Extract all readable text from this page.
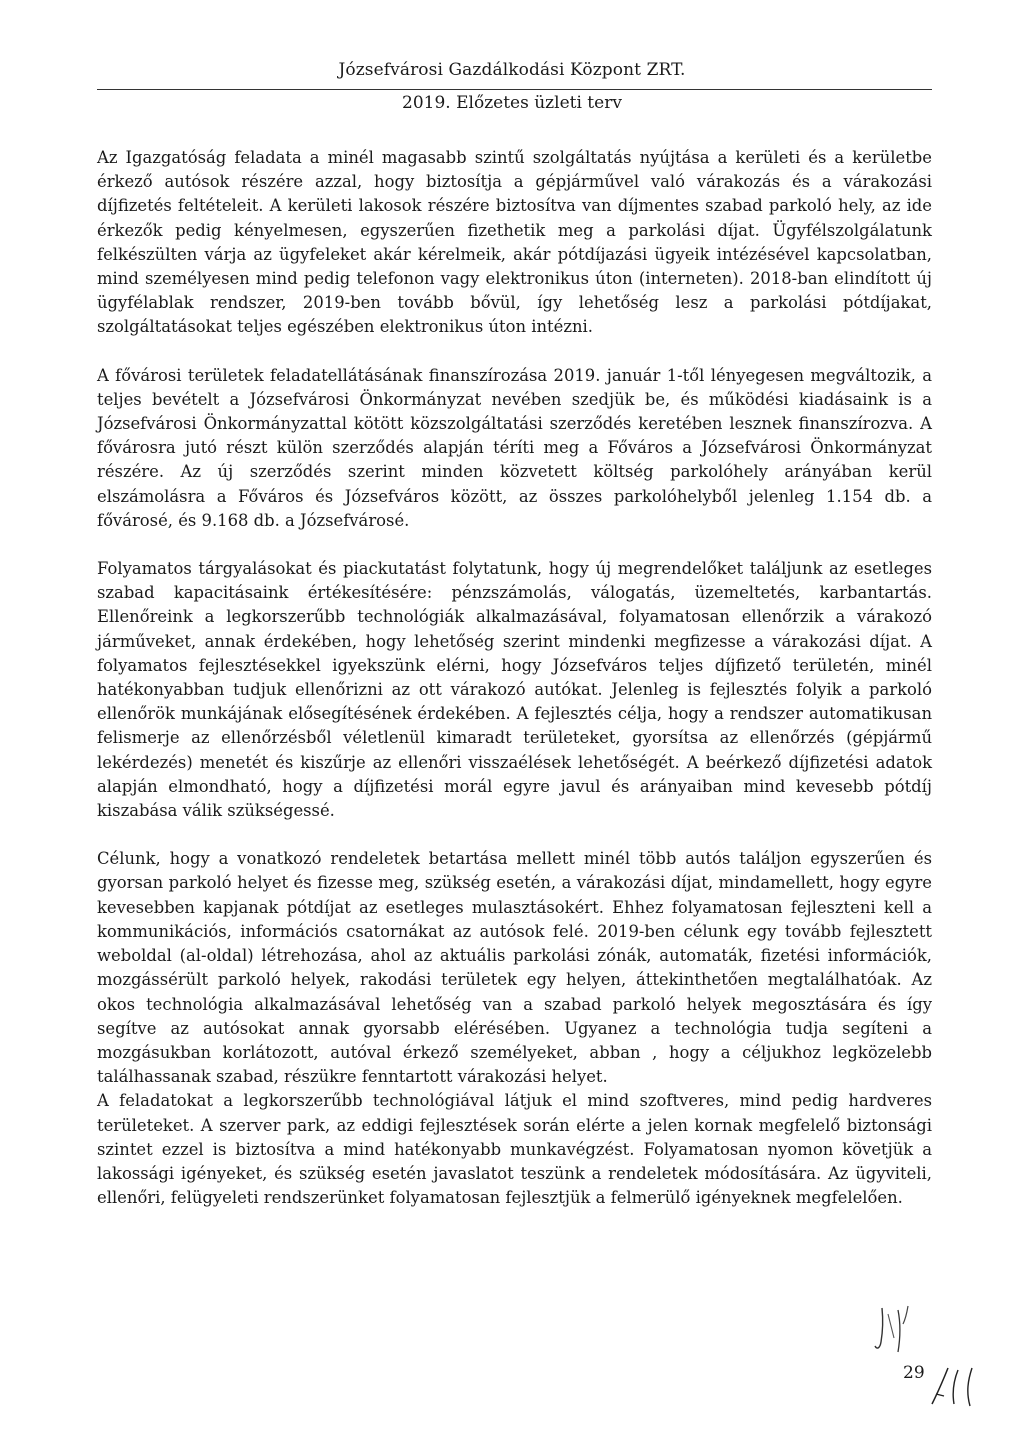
Józsefvárosi Gazdálkodási Központ ZRT.
2019. Előzetes üzleti terv

Az Igazgatóság feladata a minél magasabb szintű szolgáltatás nyújtása a kerületi és a kerületbe érkező autósok részére azzal, hogy biztosítja a gépjárművel való várakozás és a várakozási díjfizetés feltételeit. A kerületi lakosok részére biztosítva van díjmentes szabad parkoló hely, az ide érkezők pedig kényelmesen, egyszerűen fizethetik meg a parkolási díjat. Ügyfélszolgálatunk felkészülten várja az ügyfeleket akár kérelmeik, akár pótdíjazási ügyeik intézésével kapcsolatban, mind személyesen mind pedig telefonon vagy elektronikus úton (interneten). 2018-ban elindított új ügyfélablak rendszer, 2019-ben tovább bővül, így lehetőség lesz a parkolási pótdíjakat, szolgáltatásokat teljes egészében elektronikus úton intézni.

A fővárosi területek feladatellátásának finanszírozása 2019. január 1-től lényegesen megváltozik, a teljes bevételt a Józsefvárosi Önkormányzat nevében szedjük be, és működési kiadásaink is a Józsefvárosi Önkormányzattal kötött közszolgáltatási szerződés keretében lesznek finanszírozva. A fővárosra jutó részt külön szerződés alapján téríti meg a Főváros a Józsefvárosi Önkormányzat részére. Az új szerződés szerint minden közvetett költség parkolóhely arányában kerül elszámolásra a Főváros és Józsefváros között, az összes parkolóhelyből jelenleg 1.154 db. a fővárosé, és 9.168 db. a Józsefvárosé.

Folyamatos tárgyalásokat és piackutatást folytatunk, hogy új megrendelőket találjunk az esetleges szabad kapacitásaink értékesítésére: pénzszámolás, válogatás, üzemeltetés, karbantartás. Ellenőreink a legkorszerűbb technológiák alkalmazásával, folyamatosan ellenőrzik a várakozó járműveket, annak érdekében, hogy lehetőség szerint mindenki megfizesse a várakozási díjat. A folyamatos fejlesztésekkel igyekszünk elérni, hogy Józsefváros teljes díjfizető területén, minél hatékonyabban tudjuk ellenőrizni az ott várakozó autókat. Jelenleg is fejlesztés folyik a parkoló ellenőrök munkájának elősegítésének érdekében. A fejlesztés célja, hogy a rendszer automatikusan felismerje az ellenőrzésből véletlenül kimaradt területeket, gyorsítsa az ellenőrzés (gépjármű lekérdezés) menetét és kiszűrje az ellenőri visszaélések lehetőségét. A beérkező díjfizetési adatok alapján elmondható, hogy a díjfizetési morál egyre javul és arányaiban mind kevesebb pótdíj kiszabása válik szükségessé.

Célunk, hogy a vonatkozó rendeletek betartása mellett minél több autós találjon egyszerűen és gyorsan parkoló helyet és fizesse meg, szükség esetén, a várakozási díjat, mindamellett, hogy egyre kevesebben kapjanak pótdíjat az esetleges mulasztásokért. Ehhez folyamatosan fejleszteni kell a kommunikációs, információs csatornákat az autósok felé. 2019-ben célunk egy tovább fejlesztett weboldal (al-oldal) létrehozása, ahol az aktuális parkolási zónák, automaták, fizetési információk, mozgássérült parkoló helyek, rakodási területek egy helyen, áttekinthetően megtalálhatóak. Az okos technológia alkalmazásával lehetőség van a szabad parkoló helyek megosztására és így segítve az autósokat annak gyorsabb elérésében. Ugyanez a technológia tudja segíteni a mozgásukban korlátozott, autóval érkező személyeket, abban , hogy a céljukhoz legközelebb találhassanak szabad, részükre fenntartott várakozási helyet.

A feladatokat a legkorszerűbb technológiával látjuk el mind szoftveres, mind pedig hardveres területeket. A szerver park, az eddigi fejlesztések során elérte a jelen kornak megfelelő biztonsági szintet ezzel is biztosítva a mind hatékonyabb munkavégzést. Folyamatosan nyomon követjük a lakossági igényeket, és szükség esetén javaslatot teszünk a rendeletek módosítására. Az ügyviteli, ellenőri, felügyeleti rendszerünket folyamatosan fejlesztjük a felmerülő igényeknek megfelelően.

29
